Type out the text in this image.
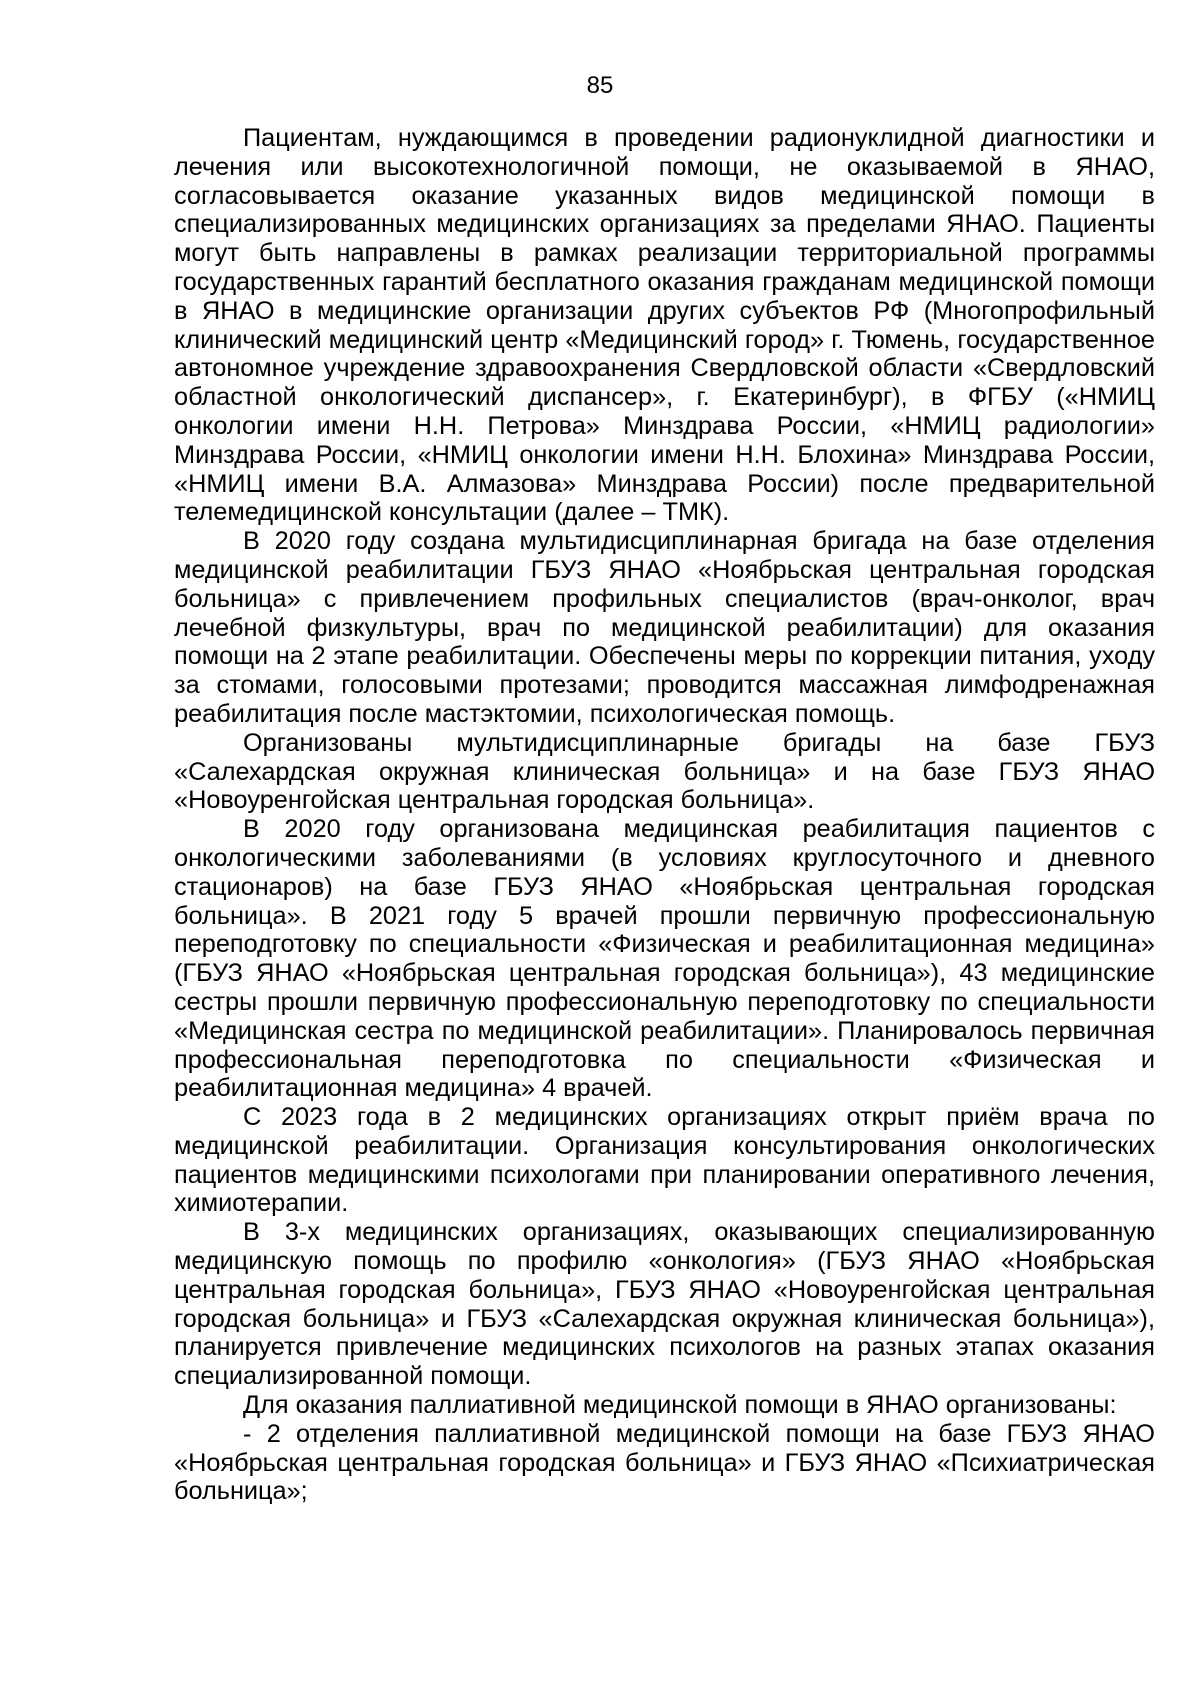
85

Пациентам, нуждающимся в проведении радионуклидной диагностики и лечения или высокотехнологичной помощи, не оказываемой в ЯНАО, согласовывается оказание указанных видов медицинской помощи в специализированных медицинских организациях за пределами ЯНАО. Пациенты могут быть направлены в рамках реализации территориальной программы государственных гарантий бесплатного оказания гражданам медицинской помощи в ЯНАО в медицинские организации других субъектов РФ (Многопрофильный клинический медицинский центр «Медицинский город» г. Тюмень, государственное автономное учреждение здравоохранения Свердловской области «Свердловский областной онкологический диспансер», г. Екатеринбург), в ФГБУ («НМИЦ онкологии имени Н.Н. Петрова» Минздрава России, «НМИЦ радиологии» Минздрава России, «НМИЦ онкологии имени Н.Н. Блохина» Минздрава России, «НМИЦ имени В.А. Алмазова» Минздрава России) после предварительной телемедицинской консультации (далее – ТМК).

В 2020 году создана мультидисциплинарная бригада на базе отделения медицинской реабилитации ГБУЗ ЯНАО «Ноябрьская центральная городская больница» с привлечением профильных специалистов (врач-онколог, врач лечебной физкультуры, врач по медицинской реабилитации) для оказания помощи на 2 этапе реабилитации. Обеспечены меры по коррекции питания, уходу за стомами, голосовыми протезами; проводится массажная лимфодренажная реабилитация после мастэктомии, психологическая помощь.

Организованы мультидисциплинарные бригады на базе ГБУЗ «Салехардская окружная клиническая больница» и на базе ГБУЗ ЯНАО «Новоуренгойская центральная городская больница».

В 2020 году организована медицинская реабилитация пациентов с онкологическими заболеваниями (в условиях круглосуточного и дневного стационаров) на базе ГБУЗ ЯНАО «Ноябрьская центральная городская больница». В 2021 году 5 врачей прошли первичную профессиональную переподготовку по специальности «Физическая и реабилитационная медицина» (ГБУЗ ЯНАО «Ноябрьская центральная городская больница»), 43 медицинские сестры прошли первичную профессиональную переподготовку по специальности «Медицинская сестра по медицинской реабилитации». Планировалось первичная профессиональная переподготовка по специальности «Физическая и реабилитационная медицина» 4 врачей.

С 2023 года в 2 медицинских организациях открыт приём врача по медицинской реабилитации. Организация консультирования онкологических пациентов медицинскими психологами при планировании оперативного лечения, химиотерапии.

В 3-х медицинских организациях, оказывающих специализированную медицинскую помощь по профилю «онкология» (ГБУЗ ЯНАО «Ноябрьская центральная городская больница», ГБУЗ ЯНАО «Новоуренгойская центральная городская больница» и ГБУЗ «Салехардская окружная клиническая больница»), планируется привлечение медицинских психологов на разных этапах оказания специализированной помощи.

Для оказания паллиативной медицинской помощи в ЯНАО организованы:

- 2 отделения паллиативной медицинской помощи на базе ГБУЗ ЯНАО «Ноябрьская центральная городская больница» и ГБУЗ ЯНАО «Психиатрическая больница»;
